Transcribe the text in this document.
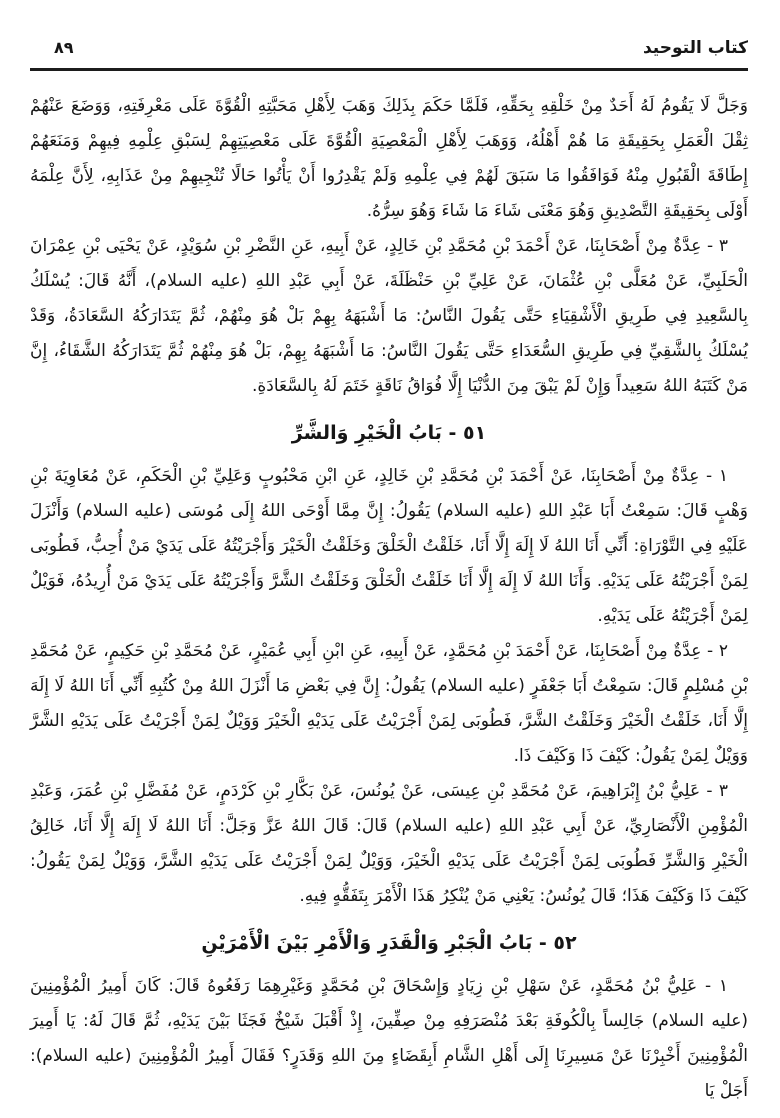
كتاب التوحيد
٨٩

وَجَلَّ لَا يَقُومُ لَهُ أَحَدٌ مِنْ خَلْقِهِ بِحَقِّهِ، فَلَمَّا حَكَمَ بِذَلِكَ وَهَبَ لِأَهْلِ مَحَبَّتِهِ الْقُوَّةَ عَلَى مَعْرِفَتِهِ، وَوَضَعَ عَنْهُمْ ثِقْلَ الْعَمَلِ بِحَقِيقَةِ مَا هُمْ أَهْلُهُ، وَوَهَبَ لِأَهْلِ الْمَعْصِيَةِ الْقُوَّةَ عَلَى مَعْصِيَتِهِمْ لِسَبْقِ عِلْمِهِ فِيهِمْ وَمَنَعَهُمْ إِطَاقَةَ الْقَبُولِ مِنْهُ فَوَافَقُوا مَا سَبَقَ لَهُمْ فِي عِلْمِهِ وَلَمْ يَقْدِرُوا أَنْ يَأْتُوا حَالًا تُنْجِيهِمْ مِنْ عَذَابِهِ، لِأَنَّ عِلْمَهُ أَوْلَى بِحَقِيقَةِ التَّصْدِيقِ وَهُوَ مَعْنَى شَاءَ مَا شَاءَ وَهُوَ سِرُّهُ.

٣ - عِدَّةٌ مِنْ أَصْحَابِنَا، عَنْ أَحْمَدَ بْنِ مُحَمَّدِ بْنِ خَالِدٍ، عَنْ أَبِيهِ، عَنِ النَّضْرِ بْنِ سُوَيْدٍ، عَنْ يَحْيَى بْنِ عِمْرَانَ الْحَلَبِيِّ، عَنْ مُعَلَّى بْنِ عُثْمَانَ، عَنْ عَلِيِّ بْنِ حَنْظَلَةَ، عَنْ أَبِي عَبْدِ اللهِ (عليه السلام)، أَنَّهُ قَالَ: يُسْلَكُ بِالسَّعِيدِ فِي طَرِيقِ الْأَشْقِيَاءِ حَتَّى يَقُولَ النَّاسُ: مَا أَشْبَهَهُ بِهِمْ بَلْ هُوَ مِنْهُمْ، ثُمَّ يَتَدَارَكُهُ السَّعَادَةُ، وَقَدْ يُسْلَكُ بِالشَّقِيِّ فِي طَرِيقِ السُّعَدَاءِ حَتَّى يَقُولَ النَّاسُ: مَا أَشْبَهَهُ بِهِمْ، بَلْ هُوَ مِنْهُمْ ثُمَّ يَتَدَارَكُهُ الشَّقَاءُ، إِنَّ مَنْ كَتَبَهُ اللهُ سَعِيداً وَإِنْ لَمْ يَبْقَ مِنَ الدُّنْيَا إِلَّا فُوَاقُ نَاقَةٍ خَتَمَ لَهُ بِالسَّعَادَةِ.

٥١ - بَابُ الْخَيْرِ وَالشَّرِّ

١ - عِدَّةٌ مِنْ أَصْحَابِنَا، عَنْ أَحْمَدَ بْنِ مُحَمَّدِ بْنِ خَالِدٍ، عَنِ ابْنِ مَحْبُوبٍ وَعَلِيِّ بْنِ الْحَكَمِ، عَنْ مُعَاوِيَةَ بْنِ وَهْبٍ قَالَ: سَمِعْتُ أَبَا عَبْدِ اللهِ (عليه السلام) يَقُولُ: إِنَّ مِمَّا أَوْحَى اللهُ إِلَى مُوسَى (عليه السلام) وَأَنْزَلَ عَلَيْهِ فِي التَّوْرَاةِ: أَنِّي أَنَا اللهُ لَا إِلَهَ إِلَّا أَنَا، خَلَقْتُ الْخَلْقَ وَخَلَقْتُ الْخَيْرَ وَأَجْرَيْتُهُ عَلَى يَدَيْ مَنْ أُحِبُّ، فَطُوبَى لِمَنْ أَجْرَيْتُهُ عَلَى يَدَيْهِ. وَأَنَا اللهُ لَا إِلَهَ إِلَّا أَنَا خَلَقْتُ الْخَلْقَ وَخَلَقْتُ الشَّرَّ وَأَجْرَيْتُهُ عَلَى يَدَيْ مَنْ أُرِيدُهُ، فَوَيْلٌ لِمَنْ أَجْرَيْتُهُ عَلَى يَدَيْهِ.

٢ - عِدَّةٌ مِنْ أَصْحَابِنَا، عَنْ أَحْمَدَ بْنِ مُحَمَّدٍ، عَنْ أَبِيهِ، عَنِ ابْنِ أَبِي عُمَيْرٍ، عَنْ مُحَمَّدِ بْنِ حَكِيمٍ، عَنْ مُحَمَّدِ بْنِ مُسْلِمٍ قَالَ: سَمِعْتُ أَبَا جَعْفَرٍ (عليه السلام) يَقُولُ: إِنَّ فِي بَعْضِ مَا أَنْزَلَ اللهُ مِنْ كُتُبِهِ أَنِّي أَنَا اللهُ لَا إِلَهَ إِلَّا أَنَا، خَلَقْتُ الْخَيْرَ وَخَلَقْتُ الشَّرَّ، فَطُوبَى لِمَنْ أَجْرَيْتُ عَلَى يَدَيْهِ الْخَيْرَ وَوَيْلٌ لِمَنْ أَجْرَيْتُ عَلَى يَدَيْهِ الشَّرَّ وَوَيْلٌ لِمَنْ يَقُولُ: كَيْفَ ذَا وَكَيْفَ ذَا.

٣ - عَلِيُّ بْنُ إِبْرَاهِيمَ، عَنْ مُحَمَّدِ بْنِ عِيسَى، عَنْ يُونُسَ، عَنْ بَكَّارِ بْنِ كَرْدَمٍ، عَنْ مُفَضَّلِ بْنِ عُمَرَ، وَعَبْدِ الْمُؤْمِنِ الْأَنْصَارِيِّ، عَنْ أَبِي عَبْدِ اللهِ (عليه السلام) قَالَ: قَالَ اللهُ عَزَّ وَجَلَّ: أَنَا اللهُ لَا إِلَهَ إِلَّا أَنَا، خَالِقُ الْخَيْرِ وَالشَّرِّ فَطُوبَى لِمَنْ أَجْرَيْتُ عَلَى يَدَيْهِ الْخَيْرَ، وَوَيْلٌ لِمَنْ أَجْرَيْتُ عَلَى يَدَيْهِ الشَّرَّ، وَوَيْلٌ لِمَنْ يَقُولُ: كَيْفَ ذَا وَكَيْفَ هَذَا؛ قَالَ يُونُسُ: يَعْنِي مَنْ يُنْكِرُ هَذَا الْأَمْرَ بِتَفَقُّهٍ فِيهِ.

٥٢ - بَابُ الْجَبْرِ وَالْقَدَرِ وَالْأَمْرِ بَيْنَ الْأَمْرَيْنِ

١ - عَلِيُّ بْنُ مُحَمَّدٍ، عَنْ سَهْلِ بْنِ زِيَادٍ وَإِسْحَاقَ بْنِ مُحَمَّدٍ وَغَيْرِهِمَا رَفَعُوهُ قَالَ: كَانَ أَمِيرُ الْمُؤْمِنِينَ (عليه السلام) جَالِساً بِالْكُوفَةِ بَعْدَ مُنْصَرَفِهِ مِنْ صِفِّينَ، إِذْ أَقْبَلَ شَيْخٌ فَجَثَا بَيْنَ يَدَيْهِ، ثُمَّ قَالَ لَهُ: يَا أَمِيرَ الْمُؤْمِنِينَ أَخْبِرْنَا عَنْ مَسِيرِنَا إِلَى أَهْلِ الشَّامِ أَبِقَضَاءٍ مِنَ اللهِ وَقَدَرٍ؟ فَقَالَ أَمِيرُ الْمُؤْمِنِينَ (عليه السلام): أَجَلْ يَا
